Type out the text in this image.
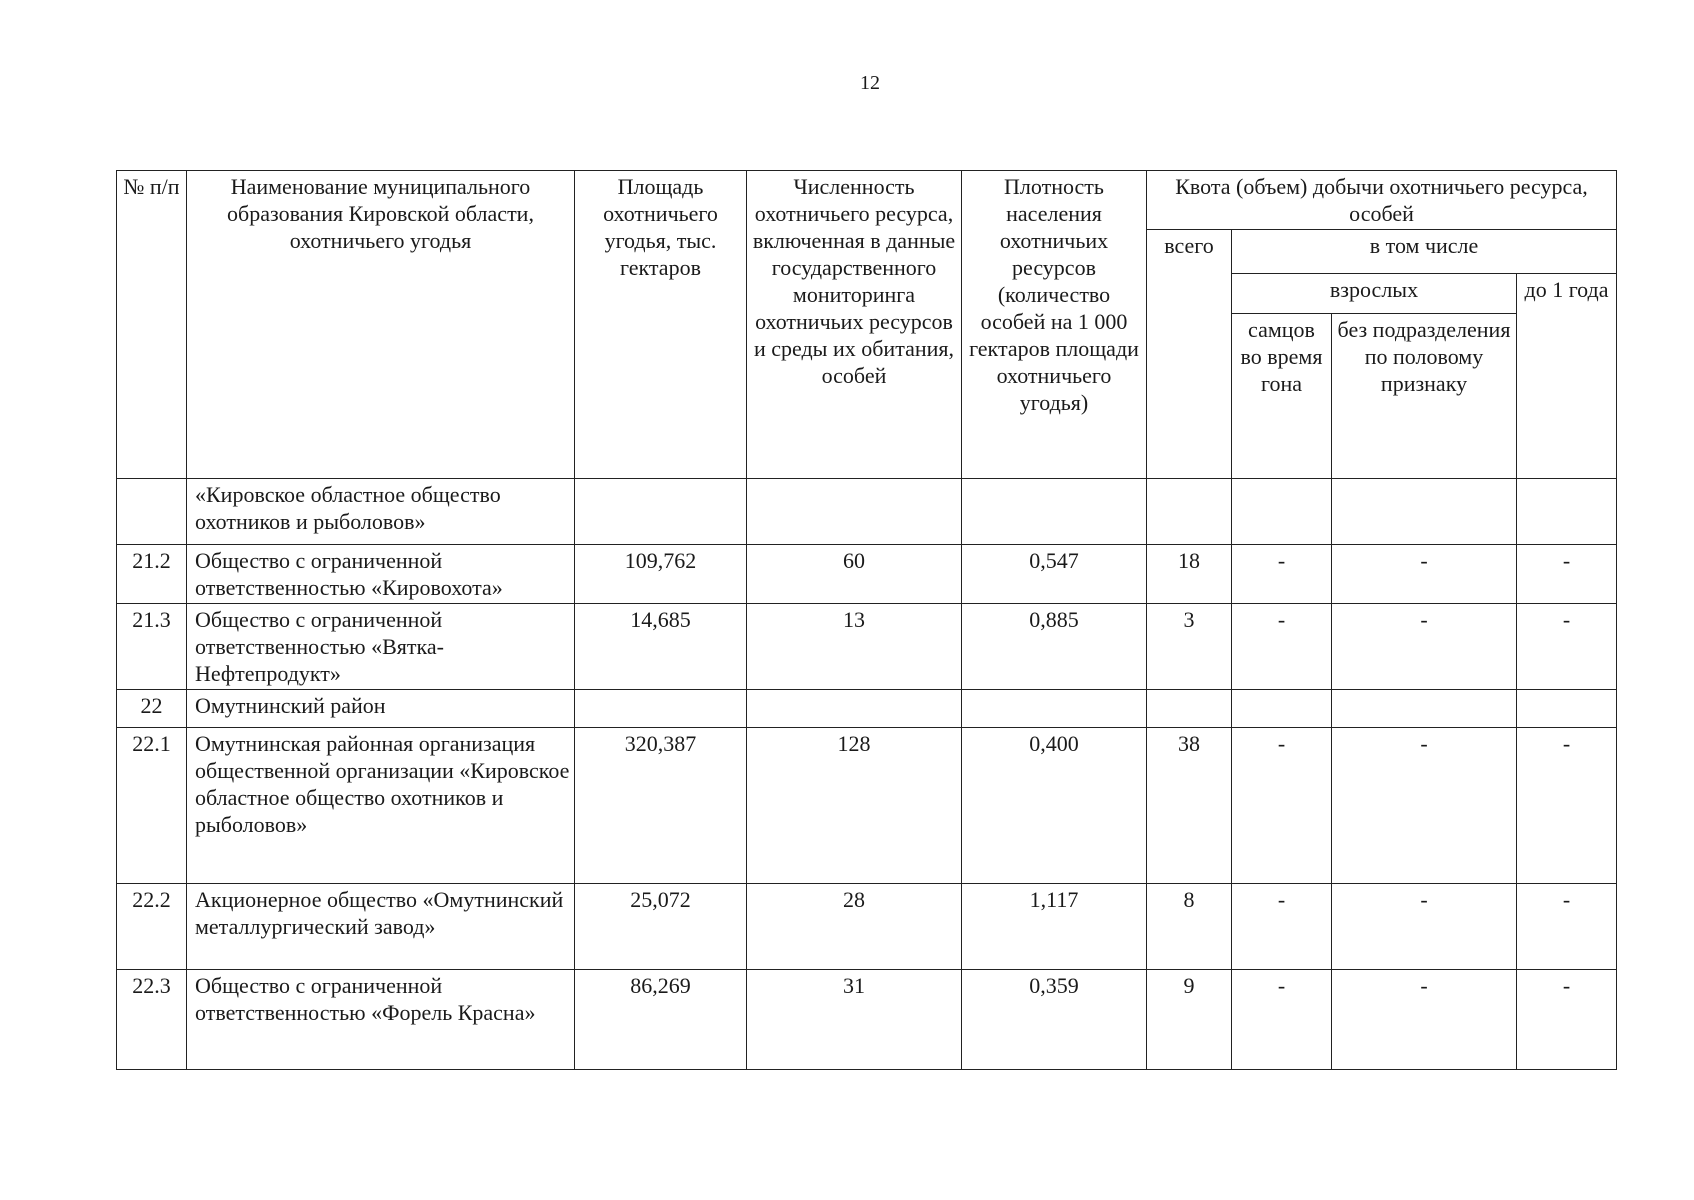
12
№ п/п	Наименование муниципального образования Кировской области, охотничьего угодья	Площадь охотничьего угодья, тыс. гектаров	Численность охотничьего ресурса, включенная в данные государственного мониторинга охотничьих ресурсов и среды их обитания, особей	Плотность населения охотничьих ресурсов (количество особей на 1 000 гектаров площади охотничьего угодья)	Квота (объем) добычи охотничьего ресурса, особей			
					всего	в том числе		
						взрослых		до 1 года
						самцов во время гона	без подразделения по половому признаку	
	«Кировское областное общество охотников и рыболовов»							
21.2	Общество с ограниченной ответственностью «Кировохота»	109,762	60	0,547	18	-	-	-
21.3	Общество с ограниченной ответственностью «Вятка-Нефтепродукт»	14,685	13	0,885	3	-	-	-
22	Омутнинский район							
22.1	Омутнинская районная организация общественной организации «Кировское областное общество охотников и рыболовов»	320,387	128	0,400	38	-	-	-
22.2	Акционерное общество «Омутнинский металлургический завод»	25,072	28	1,117	8	-	-	-
22.3	Общество с ограниченной ответственностью «Форель Красна»	86,269	31	0,359	9	-	-	-
